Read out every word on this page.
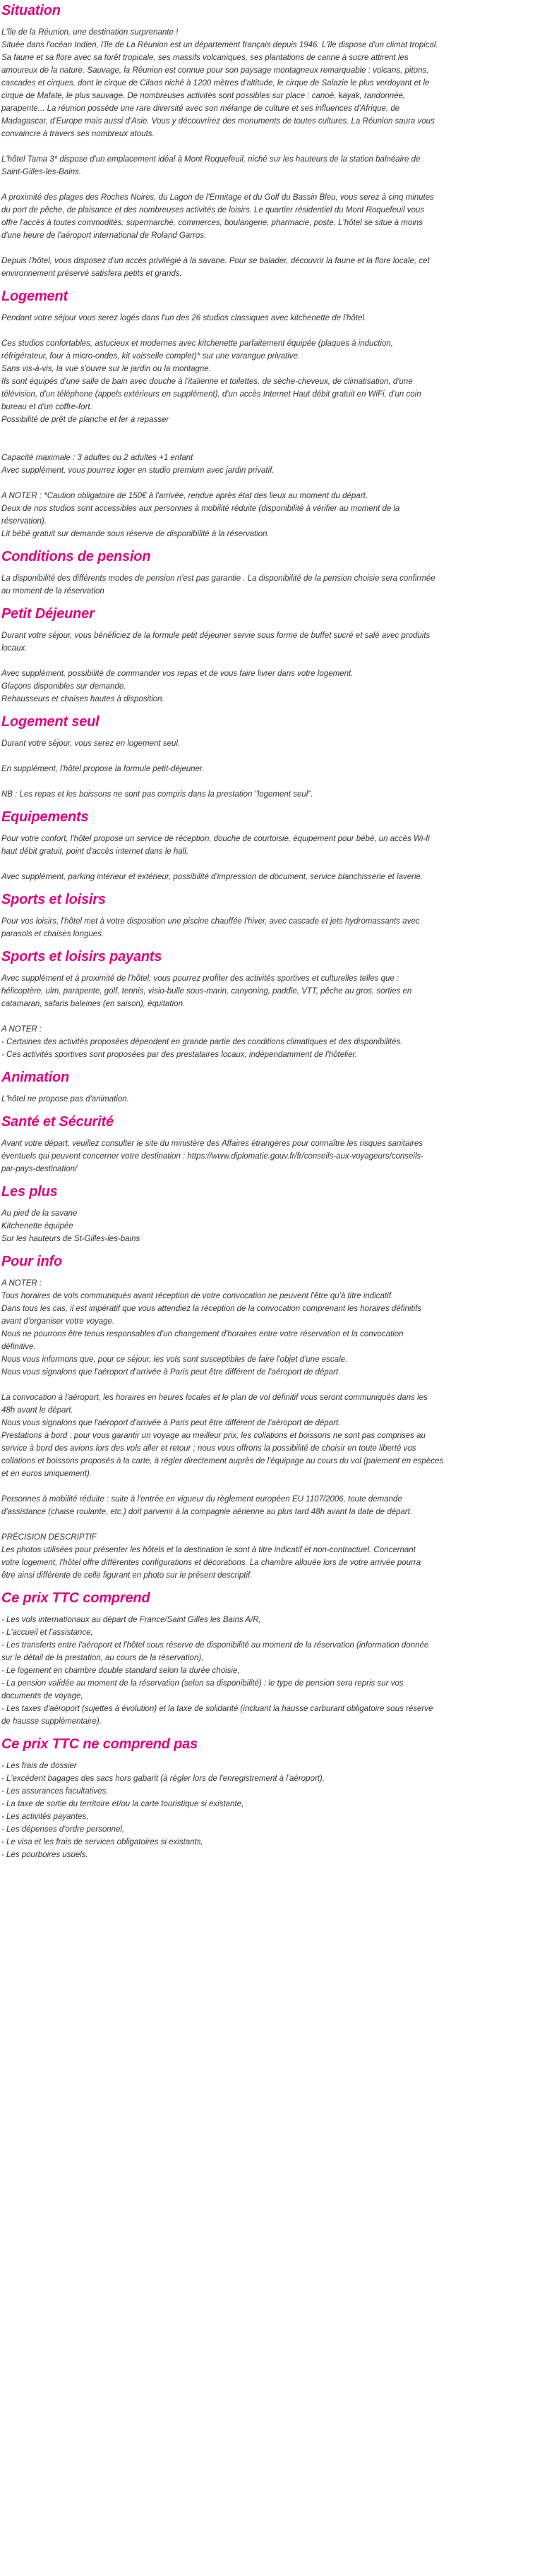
Situation
L'île de la Réunion, une destination surprenante !
Située dans l'océan Indien, l'île de La Réunion est un département français depuis 1946. L'île dispose d'un climat tropical.
Sa faune et sa flore avec sa forêt tropicale, ses massifs volcaniques, ses plantations de canne à sucre attirent les
amoureux de la nature. Sauvage, la Réunion est connue pour son paysage montagneux remarquable : volcans, pitons,
cascades et cirques, dont le cirque de Cilaos niché à 1200 mètres d'altitude, le cirque de Salazie le plus verdoyant et le
cirque de Mafate, le plus sauvage. De nombreuses activités sont possibles sur place : canoë, kayak, randonnée,
parapente... La réunion possède une rare diversité avec son mélange de culture et ses influences d'Afrique, de
Madagascar, d'Europe mais aussi d'Asie. Vous y découvrirez des monuments de toutes cultures. La Réunion saura vous
convaincre à travers ses nombreux atouts.
L'hôtel Tama 3* dispose d'un emplacement idéal à Mont Roquefeuil, niché sur les hauteurs de la station balnéaire de
Saint-Gilles-les-Bains.
A proximité des plages des Roches Noires, du Lagon de l'Ermitage et du Golf du Bassin Bleu, vous serez à cinq minutes
du port de pêche, de plaisance et des nombreuses activités de loisirs. Le quartier résidentiel du Mont Roquefeuil vous
offre l'accès à toutes commodités: supermarché, commerces, boulangerie, pharmacie, poste. L'hôtel se situe à moins
d'une heure de l'aéroport international de Roland Garros.
Depuis l'hôtel, vous disposez d'un accès privilégié à la savane. Pour se balader, découvrir la faune et la flore locale, cet
environnement préservé satisfera petits et grands.
Logement
Pendant votre séjour vous serez logés dans l'un des 26 studios classiques avec kitchenette de l'hôtel.
Ces studios confortables, astucieux et modernes avec kitchenette parfaitement équipée (plaques à induction,
réfrigérateur, four à micro-ondes, kit vaisselle complet)* sur une varangue privative.
Sans vis-à-vis, la vue s'ouvre sur le jardin ou la montagne.
Ils sont équipés d'une salle de bain avec douche à l'italienne et toilettes, de sèche-cheveux, de climatisation, d'une
télévision, d'un téléphone (appels extérieurs en supplément), d'un accès Internet Haut débit gratuit en WiFi, d'un coin
bureau et d'un coffre-fort.
Possibilité de prêt de planche et fer à repasser
Capacité maximale : 3 adultes ou 2 adultes +1 enfant
Avec supplément, vous pourrez loger en studio premium avec jardin privatif.
A NOTER : *Caution obligatoire de 150€ à l'arrivée, rendue après état des lieux au moment du départ.
Deux de nos studios sont accessibles aux personnes à mobilité réduite (disponibilité à vérifier au moment de la
réservation).
Lit bébé gratuit sur demande sous réserve de disponibilité à la réservation.
Conditions de pension
La disponibilité des différents modes de pension n'est pas garantie . La disponibilité de la pension choisie sera confirmée
au moment de la réservation
Petit Déjeuner
Durant votre séjour, vous bénéficiez de la formule petit déjeuner servie sous forme de buffet sucré et salé avec produits
locaux.
Avec supplément, possibilité de commander vos repas et de vous faire livrer dans votre logement.
Glaçons disponibles sur demande.
Rehausseurs et chaises hautes à disposition.
Logement seul
Durant votre séjour, vous serez en logement seul.
En supplément, l'hôtel propose la formule petit-déjeuner.
NB : Les repas et les boissons ne sont pas compris dans la prestation "logement seul".
Equipements
Pour votre confort, l'hôtel propose un service de réception, douche de courtoisie, équipement pour bébé, un accès Wi-fi
haut débit gratuit, point d'accès internet dans le hall,
Avec supplément, parking intérieur et extérieur, possibilité d'impression de document, service blanchisserie et laverie.
Sports et loisirs
Pour vos loisirs, l'hôtel met à votre disposition une piscine chauffée l'hiver, avec cascade et jets hydromassants avec
parasols et chaises longues.
Sports et loisirs payants
Avec supplément et à proximité de l'hôtel, vous pourrez profiter des activités sportives et culturelles telles que :
hélicoptère, ulm, parapente, golf, tennis, visio-bulle sous-marin, canyoning, paddle, VTT, pêche au gros, sorties en
catamaran, safaris baleines (en saison), équitation.
A NOTER :
- Certaines des activités proposées dépendent en grande partie des conditions climatiques et des disponibilités.
- Ces activités sportives sont proposées par des prestataires locaux, indépendamment de l'hôtelier.
Animation
L'hôtel ne propose pas d'animation.
Santé et Sécurité
Avant votre départ, veuillez consulter le site du ministère des Affaires étrangères pour connaître les risques sanitaires
éventuels qui peuvent concerner votre destination : https://www.diplomatie.gouv.fr/fr/conseils-aux-voyageurs/conseils-
par-pays-destination/
Les plus
Au pied de la savane
Kitchenette équipée
Sur les hauteurs de St-Gilles-les-bains
Pour info
A NOTER :
Tous horaires de vols communiqués avant réception de votre convocation ne peuvent l'être qu'à titre indicatif.
Dans tous les cas, il est impératif que vous attendiez la réception de la convocation comprenant les horaires définitifs
avant d'organiser votre voyage.
Nous ne pourrons être tenus responsables d'un changement d'horaires entre votre réservation et la convocation
définitive.
Nous vous informons que, pour ce séjour, les vols sont susceptibles de faire l'objet d'une escale.
Nous vous signalons que l'aéroport d'arrivée à Paris peut être différent de l'aéroport de départ.
La convocation à l'aéroport, les horaires en heures locales et le plan de vol définitif vous seront communiqués dans les
48h avant le départ.
Nous vous signalons que l'aéroport d'arrivée à Paris peut être différent de l'aéroport de départ.
Prestations à bord : pour vous garantir un voyage au meilleur prix, les collations et boissons ne sont pas comprises au
service à bord des avions lors des vols aller et retour ; nous vous offrons la possibilité de choisir en toute liberté vos
collations et boissons proposés à la carte, à régler directement auprès de l'équipage au cours du vol (paiement en espèces
et en euros uniquement).
Personnes à mobilité réduite : suite à l'entrée en vigueur du règlement européen EU 1107/2006, toute demande
d'assistance (chaise roulante, etc.) doit parvenir à la compagnie aérienne au plus tard 48h avant la date de départ.
PRÉCISION DESCRIPTIF
Les photos utilisées pour présenter les hôtels et la destination le sont à titre indicatif et non-contractuel. Concernant
votre logement, l'hôtel offre différentes configurations et décorations. La chambre allouée lors de votre arrivée pourra
être ainsi différente de celle figurant en photo sur le présent descriptif.
Ce prix TTC comprend
- Les vols internationaux au départ de France/Saint Gilles les Bains A/R,
- L'accueil et l'assistance,
- Les transferts entre l'aéroport et l'hôtel sous réserve de disponibilité au moment de la réservation (information donnée
sur le détail de la prestation, au cours de la réservation),
- Le logement en chambre double standard selon la durée choisie,
- La pension validée au moment de la réservation (selon sa disponibilité) : le type de pension sera repris sur vos
documents de voyage,
- Les taxes d'aéroport (sujettes à évolution) et la taxe de solidarité (incluant la hausse carburant obligatoire sous réserve
de hausse supplémentaire).
Ce prix TTC ne comprend pas
- Les frais de dossier
- L'excédent bagages des sacs hors gabarit (à régler lors de l'enregistrement à l'aéroport),
- Les assurances facultatives,
- La taxe de sortie du territoire et/ou la carte touristique si existante,
- Les activités payantes,
- Les dépenses d'ordre personnel,
- Le visa et les frais de services obligatoires si existants,
- Les pourboires usuels.
